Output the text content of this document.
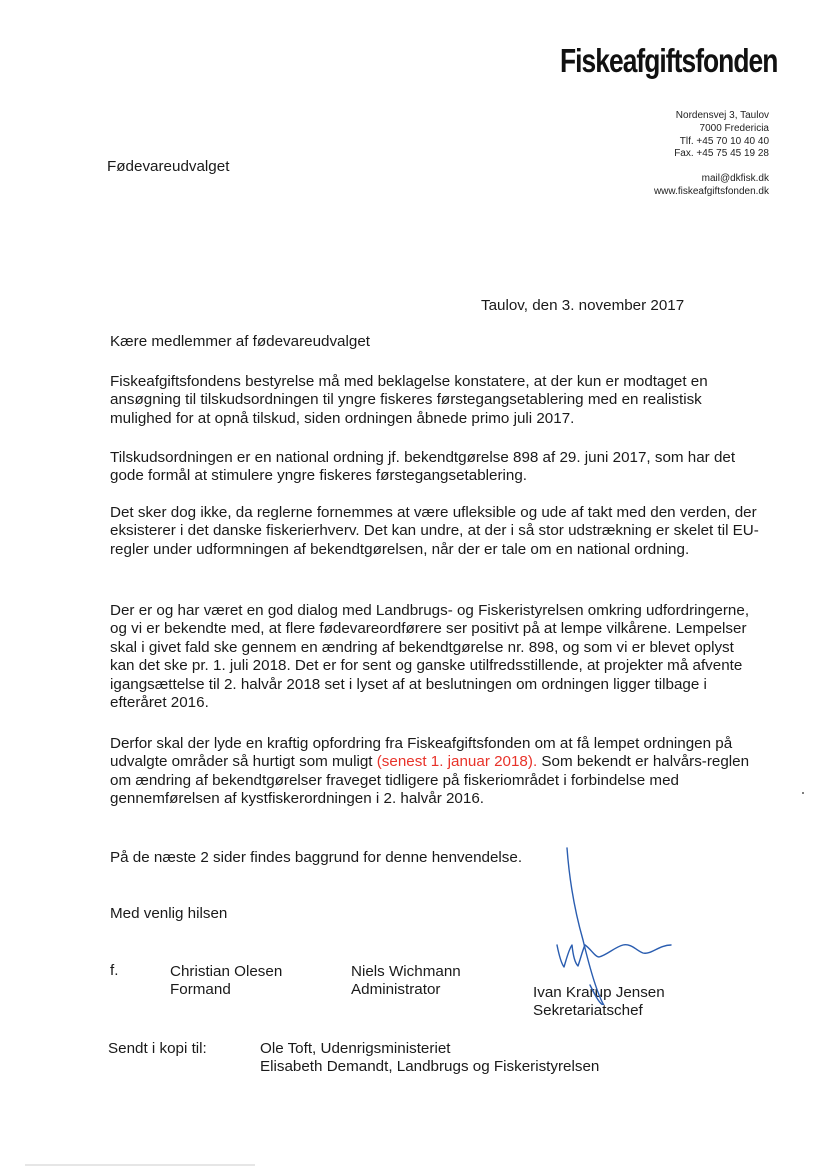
Fiskeafgiftsfonden
Nordensvej 3, Taulov
7000 Fredericia
Tlf. +45 70 10 40 40
Fax. +45 75 45 19 28
mail@dkfisk.dk
www.fiskeafgiftsfonden.dk
Fødevareudvalget
Taulov, den 3. november 2017
Kære medlemmer af fødevareudvalget
Fiskeafgiftsfondens bestyrelse må med beklagelse konstatere, at der kun er modtaget en ansøgning til tilskudsordningen til yngre fiskeres førstegangsetablering med en realistisk mulighed for at opnå tilskud, siden ordningen åbnede primo juli 2017.
Tilskudsordningen er en national ordning jf. bekendtgørelse 898 af 29. juni 2017, som har det gode formål at stimulere yngre fiskeres førstegangsetablering.
Det sker dog ikke, da reglerne fornemmes at være ufleksible og ude af takt med den verden, der eksisterer i det danske fiskerierhverv. Det kan undre, at der i så stor udstrækning er skelet til EU-regler under udformningen af bekendtgørelsen, når der er tale om en national ordning.
Der er og har været en god dialog med Landbrugs- og Fiskeristyrelsen omkring udfordringerne, og vi er bekendte med, at flere fødevareordførere ser positivt på at lempe vilkårene. Lempelser skal i givet fald ske gennem en ændring af bekendtgørelse nr. 898, og som vi er blevet oplyst kan det ske pr. 1. juli 2018. Det er for sent og ganske utilfredsstillende, at projekter må afvente igangsættelse til 2. halvår 2018 set i lyset af at beslutningen om ordningen ligger tilbage i efteråret 2016.
Derfor skal der lyde en kraftig opfordring fra Fiskeafgiftsfonden om at få lempet ordningen på udvalgte områder så hurtigt som muligt (senest 1. januar 2018). Som bekendt er halvårs-reglen om ændring af bekendtgørelser fraveget tidligere på fiskeriområdet i forbindelse med gennemførelsen af kystfiskerordningen i 2. halvår 2016.
På de næste 2 sider findes baggrund for denne henvendelse.
Med venlig hilsen
f.	Christian Olesen
Formand
Niels Wichmann
Administrator	Ivan Krarup Jensen
Sekretariatschef
Sendt i kopi til:	Ole Toft, Udenrigsministeriet
Elisabeth Demandt, Landbrugs og Fiskeristyrelsen
